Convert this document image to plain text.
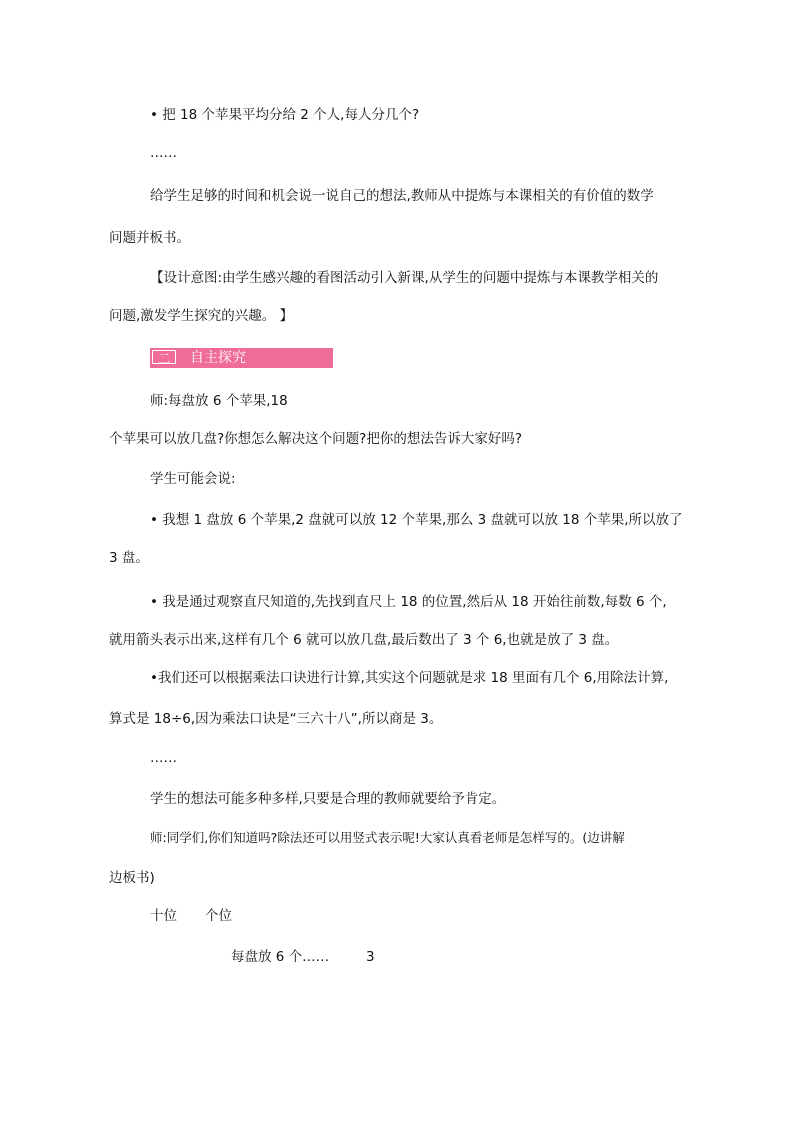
• 把 18 个苹果平均分给 2 个人,每人分几个?
……
给学生足够的时间和机会说一说自己的想法,教师从中提炼与本课相关的有价值的数学
问题并板书。
【设计意图:由学生感兴趣的看图活动引入新课,从学生的问题中提炼与本课教学相关的
问题,激发学生探究的兴趣。 】
二	自主探究
师:每盘放 6 个苹果,18
个苹果可以放几盘?你想怎么解决这个问题?把你的想法告诉大家好吗?
学生可能会说:
• 我想 1 盘放 6 个苹果,2 盘就可以放 12 个苹果,那么 3 盘就可以放 18 个苹果,所以放了
3 盘。
• 我是通过观察直尺知道的,先找到直尺上 18 的位置,然后从 18 开始往前数,每数 6 个,
就用箭头表示出来,这样有几个 6 就可以放几盘,最后数出了 3 个 6,也就是放了 3 盘。
•我们还可以根据乘法口诀进行计算,其实这个问题就是求 18 里面有几个 6,用除法计算,
算式是 18÷6,因为乘法口诀是“三六十八”,所以商是 3。
……
学生的想法可能多种多样,只要是合理的教师就要给予肯定。
师:同学们,你们知道吗?除法还可以用竖式表示呢!大家认真看老师是怎样写的。(边讲解
边板书)
十位 个位
每盘放 6 个……	3
